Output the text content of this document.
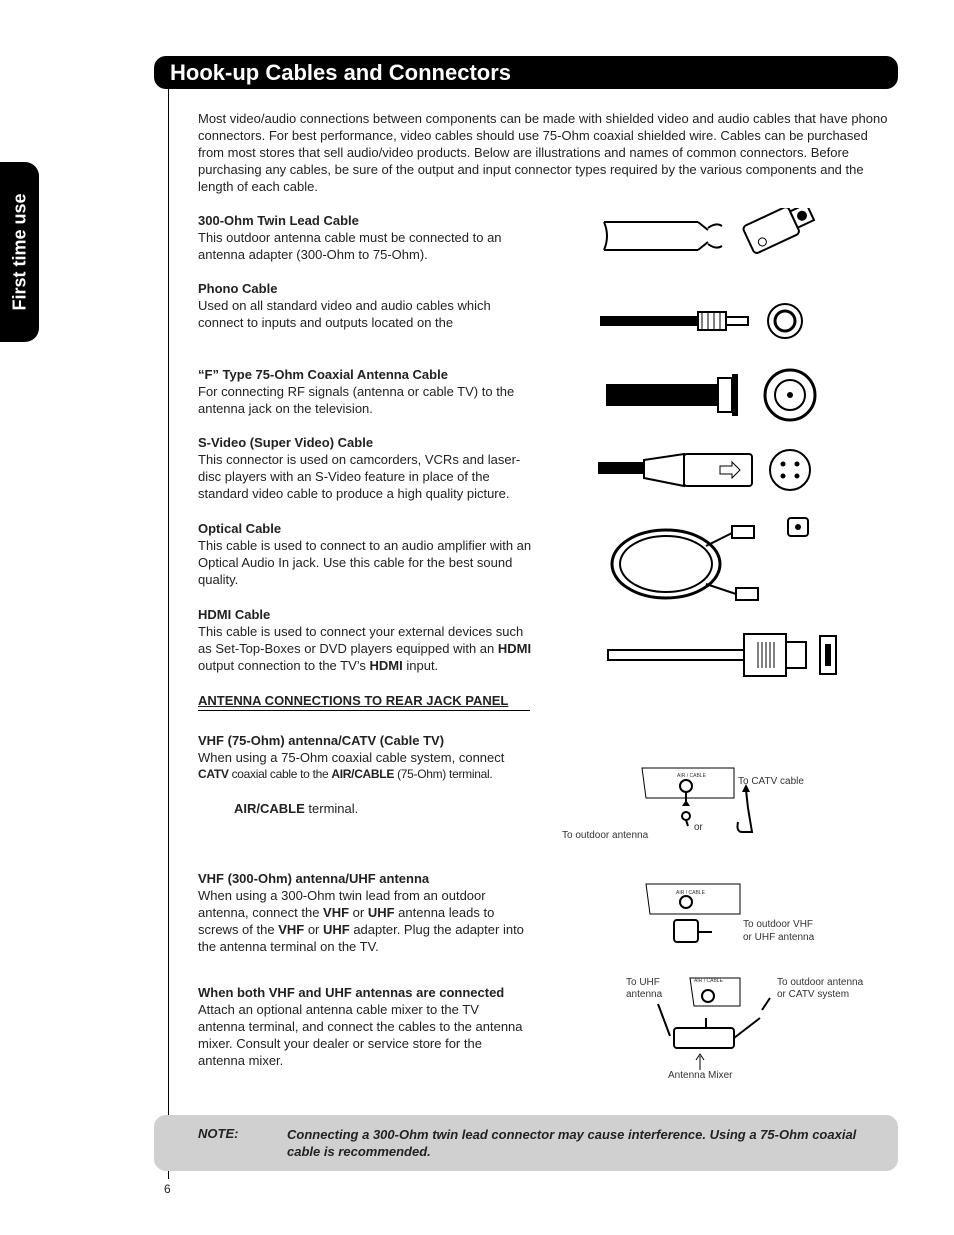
Hook-up Cables and Connectors
First time use
Most video/audio connections between components can be made with shielded video and audio cables that have phono connectors. For best performance, video cables should use 75-Ohm coaxial shielded wire. Cables can be purchased from most stores that sell audio/video products. Below are illustrations and names of common connectors. Before purchasing any cables, be sure of the output and input connector types required by the various components and the length of each cable.
300-Ohm Twin Lead Cable

This outdoor antenna cable must be connected to an antenna adapter (300-Ohm to 75-Ohm).

Phono Cable

Used on all standard video and audio cables which connect to inputs and outputs located on the

“F” Type 75-Ohm Coaxial Antenna Cable

For connecting RF signals (antenna or cable TV) to the antenna jack on the television.

S-Video (Super Video) Cable

This connector is used on camcorders, VCRs and laser-disc players with an S-Video feature in place of the standard video cable to produce a high quality picture.

Optical Cable

This cable is used to connect to an audio amplifier with an Optical Audio In jack. Use this cable for the best sound quality.

HDMI Cable

This cable is used to connect your external devices such as Set-Top-Boxes or DVD players equipped with an HDMI output connection to the TV’s HDMI input.

ANTENNA CONNECTIONS TO REAR JACK PANEL
VHF (75-Ohm) antenna/CATV (Cable TV)

When using a 75-Ohm coaxial cable system, connect

CATV coaxial cable to the AIR/CABLE (75-Ohm) terminal.

AIR/CABLE terminal.

AIR / CABLE	To CATV cable
or
To outdoor antenna
VHF (300-Ohm) antenna/UHF antenna

When using a 300-Ohm twin lead from an outdoor antenna, connect the VHF or UHF antenna leads to screws of the VHF or UHF adapter. Plug the adapter into the antenna terminal on the TV.

AIR / CABLE
To outdoor VHF
or UHF antenna
When both VHF and UHF antennas are connected

Attach an optional antenna cable mixer to the TV antenna terminal, and connect the cables to the antenna mixer. Consult your dealer or service store for the antenna mixer.

To UHF
antenna
AIR / CABLE	To outdoor antenna
or CATV system
Antenna Mixer
NOTE:	Connecting a 300-Ohm twin lead connector may cause interference. Using a 75-Ohm coaxial cable is recommended.
6
